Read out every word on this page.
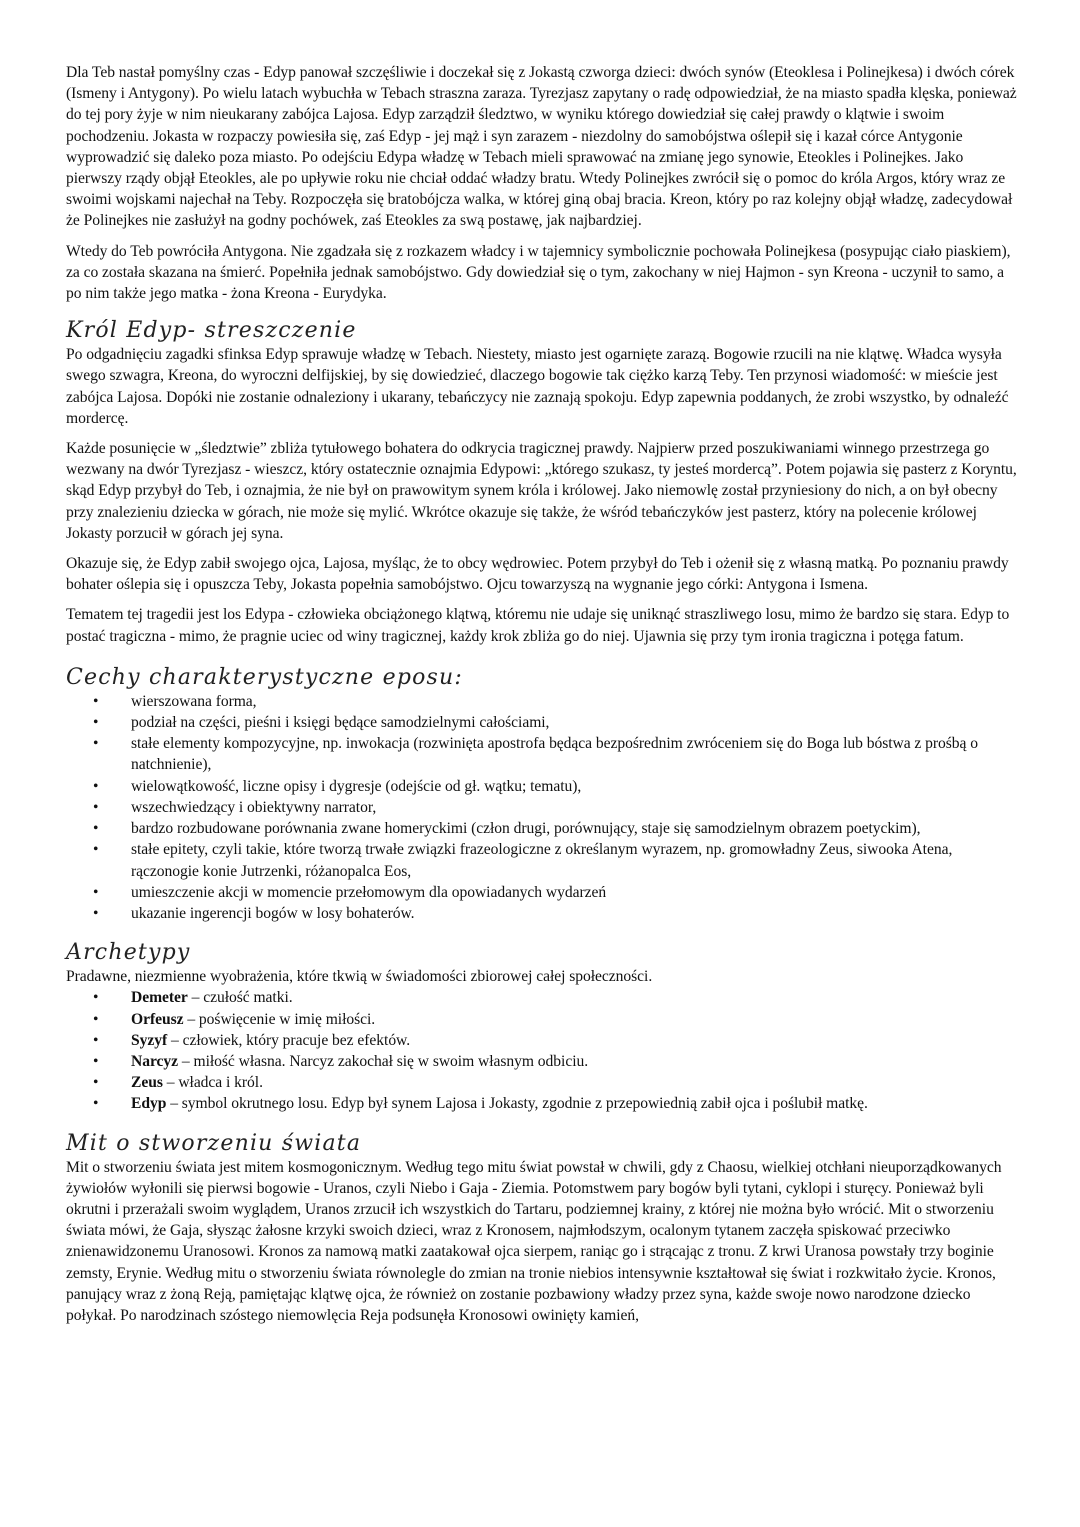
Dla Teb nastał pomyślny czas - Edyp panował szczęśliwie i doczekał się z Jokastą czworga dzieci: dwóch synów (Eteoklesa i Polinejkesa) i dwóch córek (Ismeny i Antygony). Po wielu latach wybuchła w Tebach straszna zaraza. Tyrezjasz zapytany o radę odpowiedział, że na miasto spadła klęska, ponieważ do tej pory żyje w nim nieukarany zabójca Lajosa. Edyp zarządził śledztwo, w wyniku którego dowiedział się całej prawdy o klątwie i swoim pochodzeniu. Jokasta w rozpaczy powiesiła się, zaś Edyp - jej mąż i syn zarazem - niezdolny do samobójstwa oślepił się i kazał córce Antygonie wyprowadzić się daleko poza miasto. Po odejściu Edypa władzę w Tebach mieli sprawować na zmianę jego synowie, Eteokles i Polinejkes. Jako pierwszy rządy objął Eteokles, ale po upływie roku nie chciał oddać władzy bratu. Wtedy Polinejkes zwrócił się o pomoc do króla Argos, który wraz ze swoimi wojskami najechał na Teby. Rozpoczęła się bratobójcza walka, w której giną obaj bracia. Kreon, który po raz kolejny objął władzę, zadecydował że Polinejkes nie zasłużył na godny pochówek, zaś Eteokles za swą postawę, jak najbardziej.

Wtedy do Teb powróciła Antygona. Nie zgadzała się z rozkazem władcy i w tajemnicy symbolicznie pochowała Polinejkesa (posypując ciało piaskiem), za co została skazana na śmierć. Popełniła jednak samobójstwo. Gdy dowiedział się o tym, zakochany w niej Hajmon - syn Kreona - uczynił to samo, a po nim także jego matka - żona Kreona - Eurydyka.

Król Edyp- streszczenie

Po odgadnięciu zagadki sfinksa Edyp sprawuje władzę w Tebach. Niestety, miasto jest ogarnięte zarazą. Bogowie rzucili na nie klątwę. Władca wysyła swego szwagra, Kreona, do wyroczni delfijskiej, by się dowiedzieć, dlaczego bogowie tak ciężko karzą Teby. Ten przynosi wiadomość: w mieście jest zabójca Lajosa. Dopóki nie zostanie odnaleziony i ukarany, tebańczycy nie zaznają spokoju. Edyp zapewnia poddanych, że zrobi wszystko, by odnaleźć mordercę.

Każde posunięcie w „śledztwie” zbliża tytułowego bohatera do odkrycia tragicznej prawdy. Najpierw przed poszukiwaniami winnego przestrzega go wezwany na dwór Tyrezjasz - wieszcz, który ostatecznie oznajmia Edypowi: „którego szukasz, ty jesteś mordercą”. Potem pojawia się pasterz z Koryntu, skąd Edyp przybył do Teb, i oznajmia, że nie był on prawowitym synem króla i królowej. Jako niemowlę został przyniesiony do nich, a on był obecny przy znalezieniu dziecka w górach, nie może się mylić. Wkrótce okazuje się także, że wśród tebańczyków jest pasterz, który na polecenie królowej Jokasty porzucił w górach jej syna.

Okazuje się, że Edyp zabił swojego ojca, Lajosa, myśląc, że to obcy wędrowiec. Potem przybył do Teb i ożenił się z własną matką. Po poznaniu prawdy bohater oślepia się i opuszcza Teby, Jokasta popełnia samobójstwo. Ojcu towarzyszą na wygnanie jego córki: Antygona i Ismena.

Tematem tej tragedii jest los Edypa - człowieka obciążonego klątwą, któremu nie udaje się uniknąć straszliwego losu, mimo że bardzo się stara. Edyp to postać tragiczna - mimo, że pragnie uciec od winy tragicznej, każdy krok zbliża go do niej. Ujawnia się przy tym ironia tragiczna i potęga fatum.

Cechy charakterystyczne eposu:
• wierszowana forma,
• podział na części, pieśni i księgi będące samodzielnymi całościami,
• stałe elementy kompozycyjne, np. inwokacja (rozwinięta apostrofa będąca bezpośrednim zwróceniem się do Boga lub bóstwa z prośbą o natchnienie),
• wielowątkowość, liczne opisy i dygresje (odejście od gł. wątku; tematu),
• wszechwiedzący i obiektywny narrator,
• bardzo rozbudowane porównania zwane homeryckimi (człon drugi, porównujący, staje się samodzielnym obrazem poetyckim),
• stałe epitety, czyli takie, które tworzą trwałe związki frazeologiczne z określanym wyrazem, np. gromowładny Zeus, siwooka Atena, rączonogie konie Jutrzenki, różanopalca Eos,
• umieszczenie akcji w momencie przełomowym dla opowiadanych wydarzeń
• ukazanie ingerencji bogów w losy bohaterów.
Archetypy

Pradawne, niezmienne wyobrażenia, które tkwią w świadomości zbiorowej całej społeczności.

• Demeter – czułość matki.
• Orfeusz – poświęcenie w imię miłości.
• Syzyf – człowiek, który pracuje bez efektów.
• Narcyz – miłość własna. Narcyz zakochał się w swoim własnym odbiciu.
• Zeus – władca i król.
• Edyp – symbol okrutnego losu. Edyp był synem Lajosa i Jokasty, zgodnie z przepowiednią zabił ojca i poślubił matkę.
Mit o stworzeniu świata

Mit o stworzeniu świata jest mitem kosmogonicznym. Według tego mitu świat powstał w chwili, gdy z Chaosu, wielkiej otchłani nieuporządkowanych żywiołów wyłonili się pierwsi bogowie - Uranos, czyli Niebo i Gaja - Ziemia. Potomstwem pary bogów byli tytani, cyklopi i sturęcy. Ponieważ byli okrutni i przerażali swoim wyglądem, Uranos zrzucił ich wszystkich do Tartaru, podziemnej krainy, z której nie można było wrócić. Mit o stworzeniu świata mówi, że Gaja, słysząc żałosne krzyki swoich dzieci, wraz z Kronosem, najmłodszym, ocalonym tytanem zaczęła spiskować przeciwko znienawidzonemu Uranosowi. Kronos za namową matki zaatakował ojca sierpem, raniąc go i strącając z tronu. Z krwi Uranosa powstały trzy boginie zemsty, Erynie. Według mitu o stworzeniu świata równolegle do zmian na tronie niebios intensywnie kształtował się świat i rozkwitało życie. Kronos, panujący wraz z żoną Reją, pamiętając klątwę ojca, że również on zostanie pozbawiony władzy przez syna, każde swoje nowo narodzone dziecko połykał. Po narodzinach szóstego niemowlęcia Reja podsunęła Kronosowi owinięty kamień,
